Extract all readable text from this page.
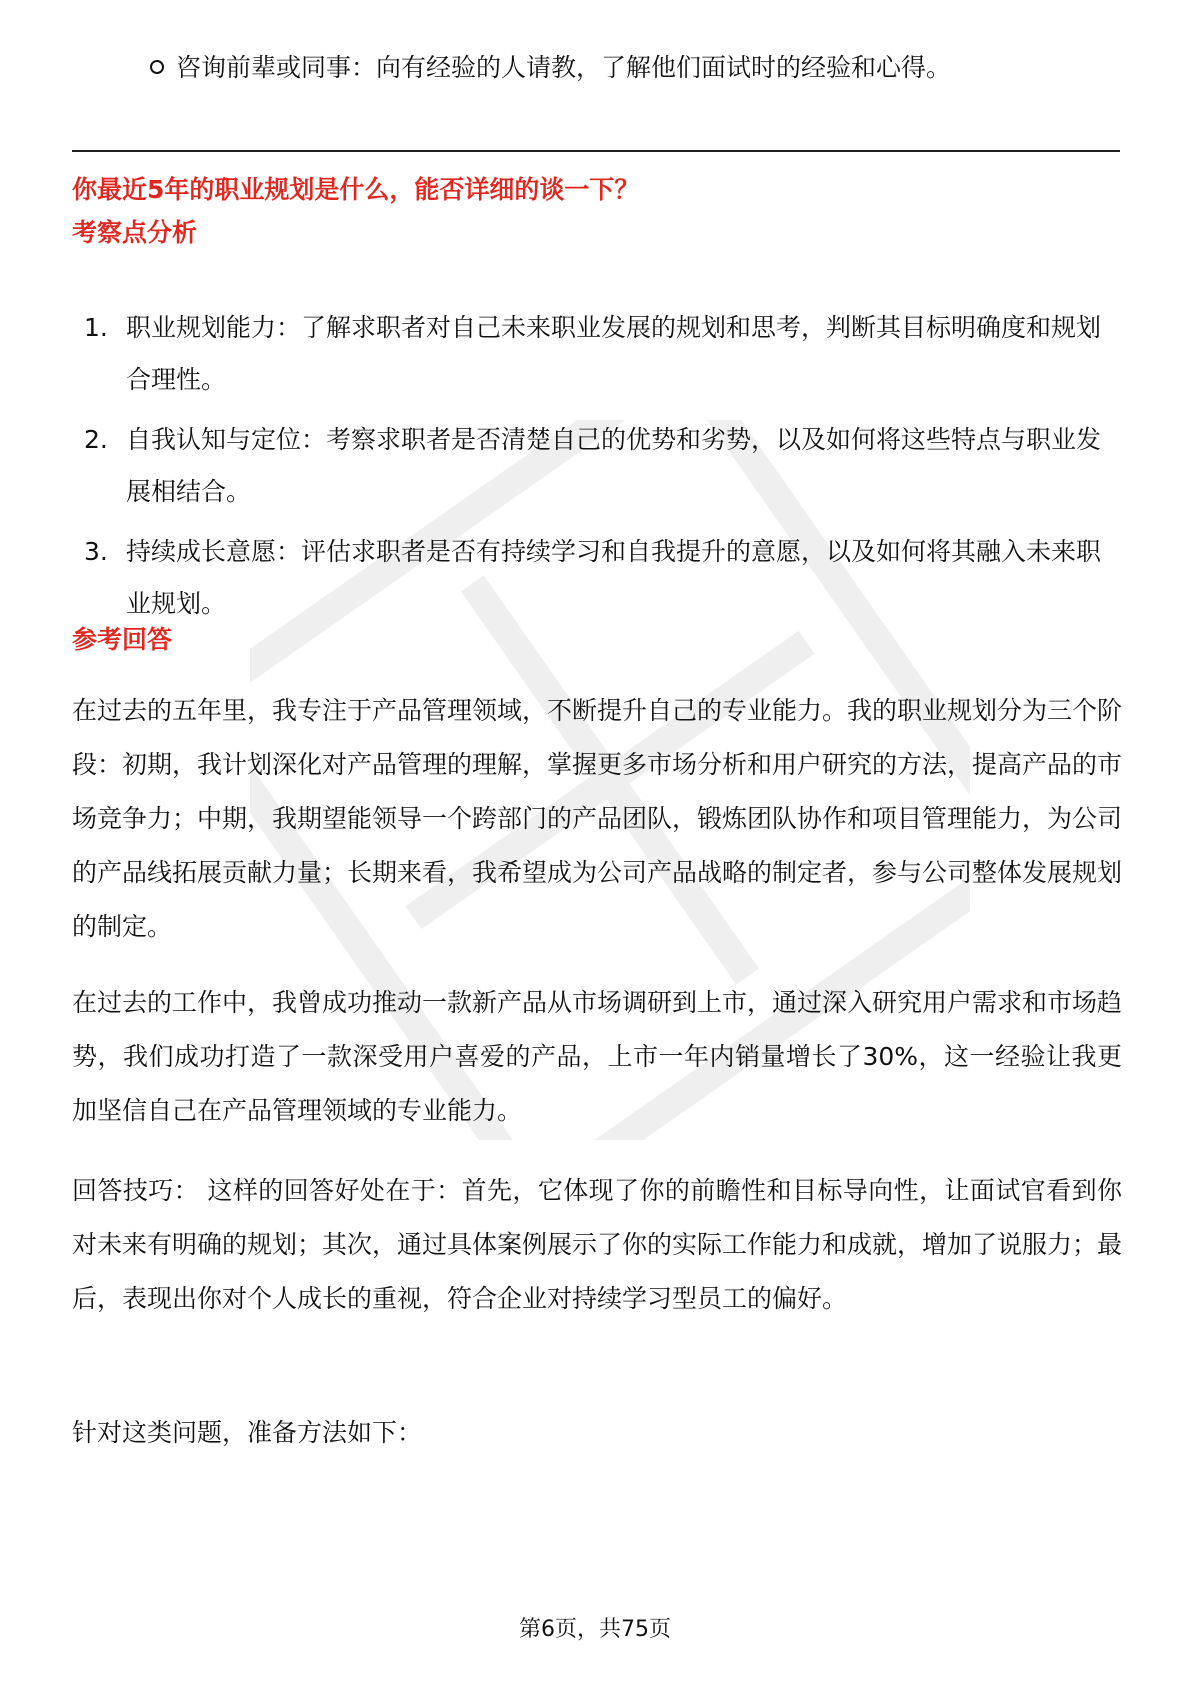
咨询前辈或同事：向有经验的人请教，了解他们面试时的经验和心得。
你最近5年的职业规划是什么，能否详细的谈一下？
考察点分析
1. 职业规划能力：了解求职者对自己未来职业发展的规划和思考，判断其目标明确度和规划合理性。
2. 自我认知与定位：考察求职者是否清楚自己的优势和劣势，以及如何将这些特点与职业发展相结合。
3. 持续成长意愿：评估求职者是否有持续学习和自我提升的意愿，以及如何将其融入未来职业规划。
参考回答
在过去的五年里，我专注于产品管理领域，不断提升自己的专业能力。我的职业规划分为三个阶段：初期，我计划深化对产品管理的理解，掌握更多市场分析和用户研究的方法，提高产品的市场竞争力；中期，我期望能领导一个跨部门的产品团队，锻炼团队协作和项目管理能力，为公司的产品线拓展贡献力量；长期来看，我希望成为公司产品战略的制定者，参与公司整体发展规划的制定。
在过去的工作中，我曾成功推动一款新产品从市场调研到上市，通过深入研究用户需求和市场趋势，我们成功打造了一款深受用户喜爱的产品，上市一年内销量增长了30%，这一经验让我更加坚信自己在产品管理领域的专业能力。
回答技巧： 这样的回答好处在于：首先，它体现了你的前瞻性和目标导向性，让面试官看到你对未来有明确的规划；其次，通过具体案例展示了你的实际工作能力和成就，增加了说服力；最后，表现出你对个人成长的重视，符合企业对持续学习型员工的偏好。
针对这类问题，准备方法如下：
第6页，共75页
